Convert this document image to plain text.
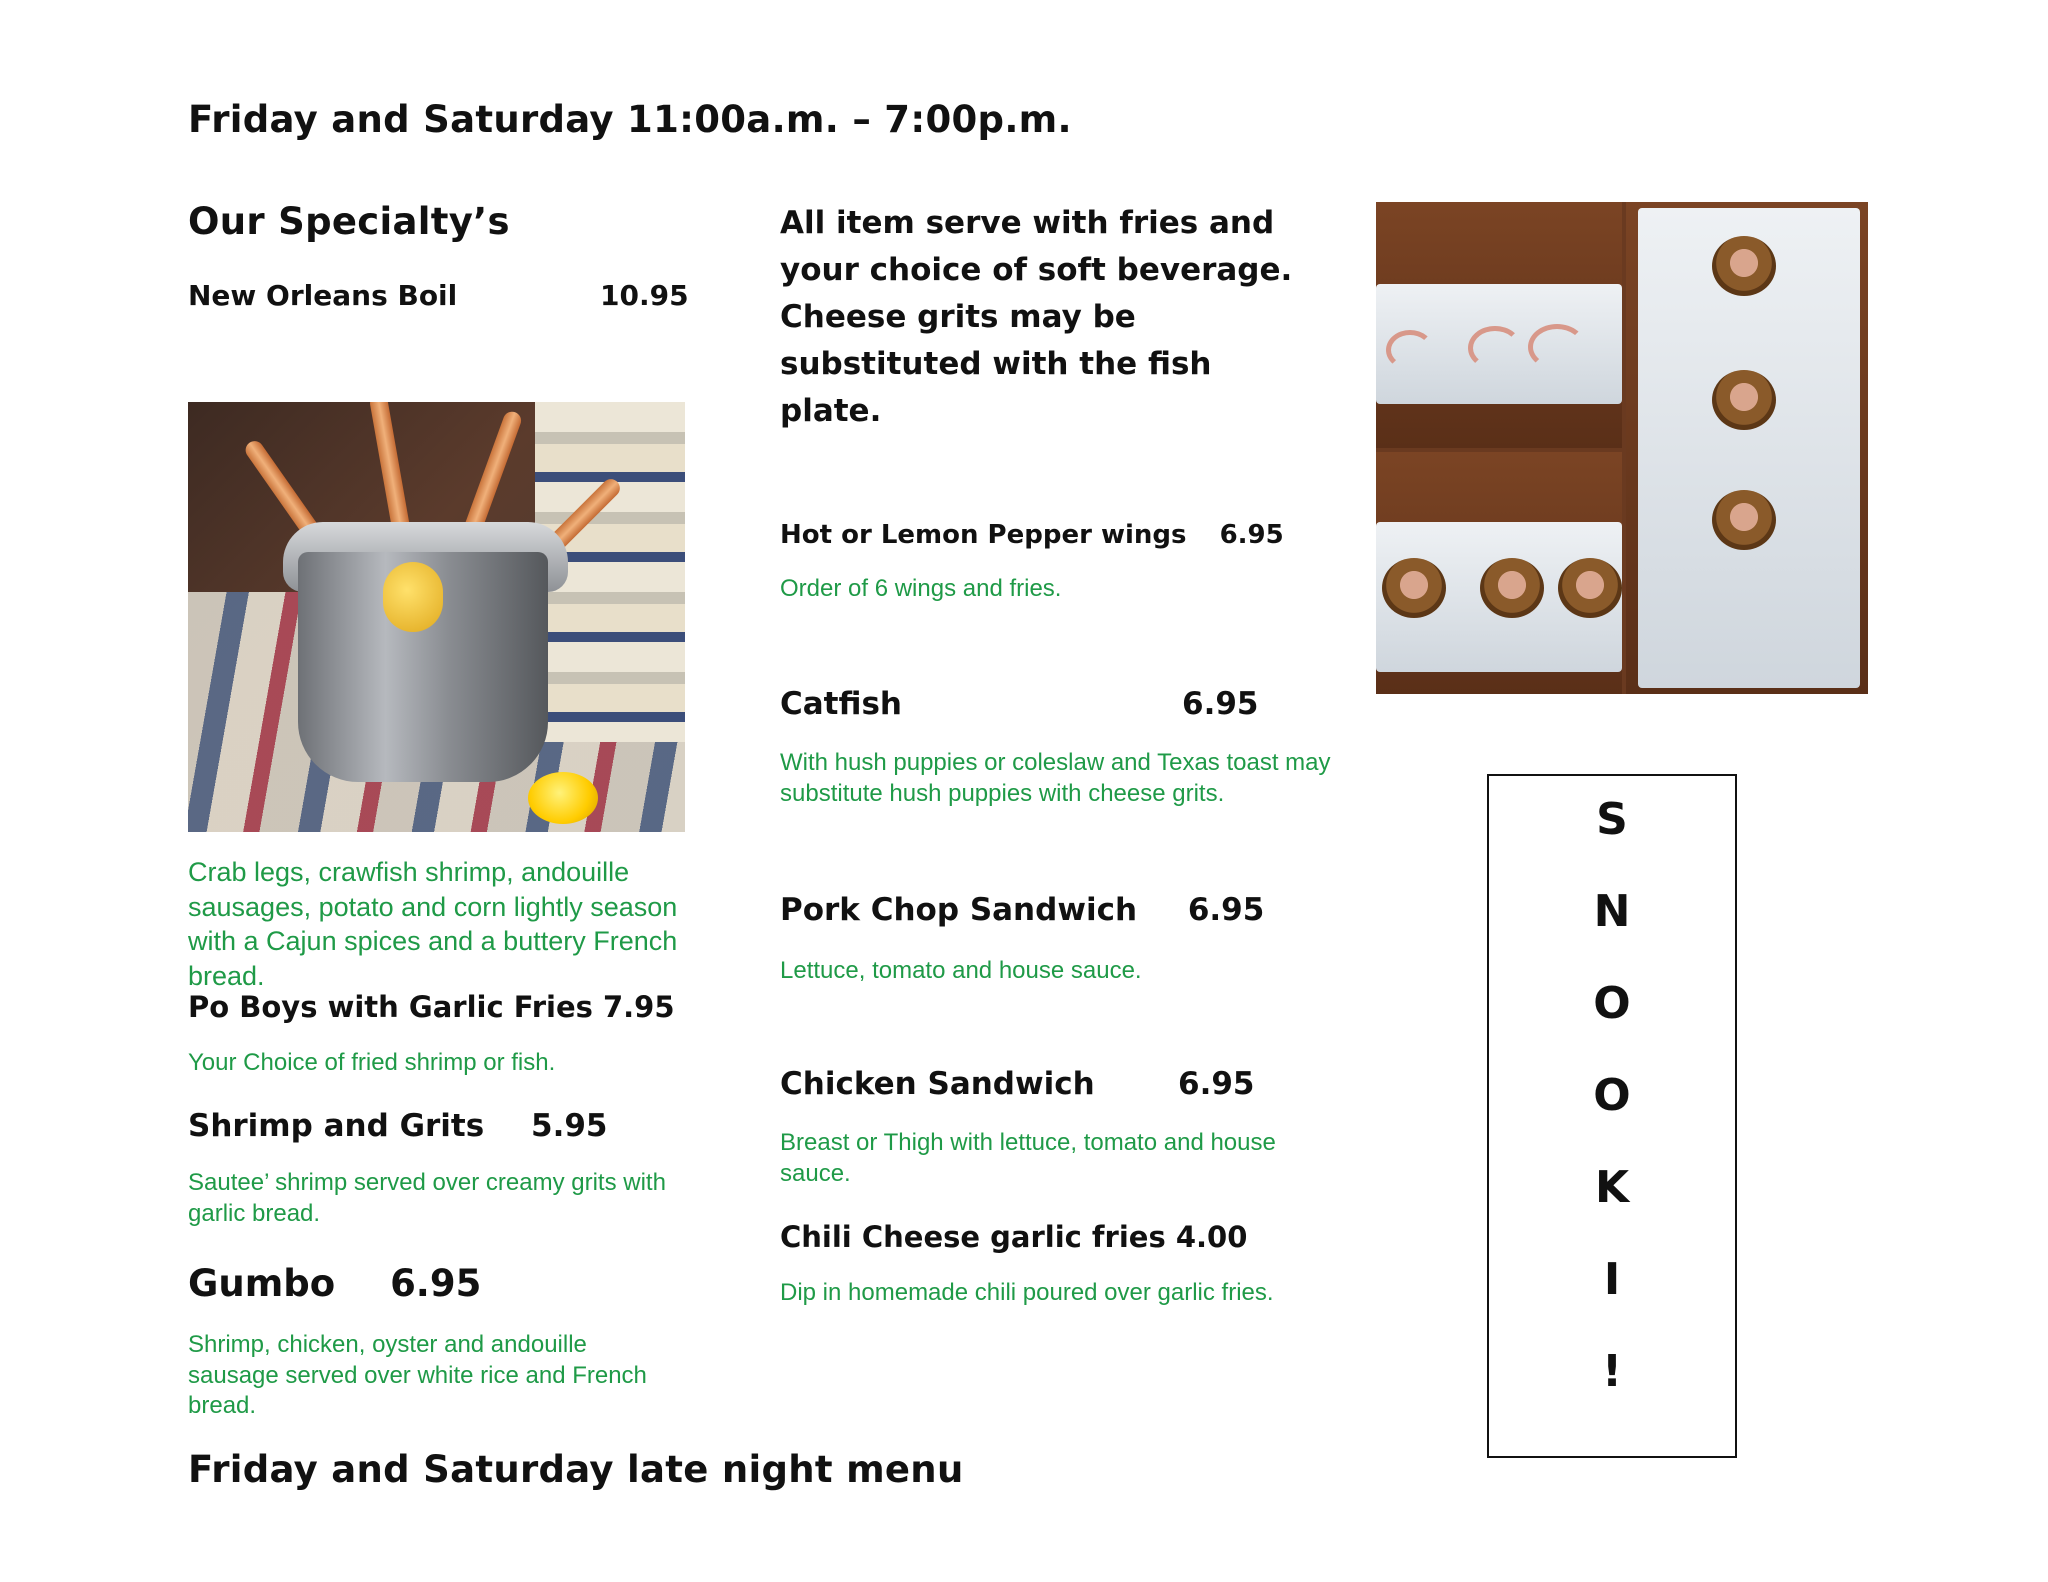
Friday and Saturday 11:00a.m. – 7:00p.m.
Our Specialty’s
New Orleans Boil	10.95
Crab legs, crawfish shrimp, andouille sausages, potato and corn lightly season with a Cajun spices and a buttery French bread.
Po Boys with Garlic Fries 7.95
Your Choice of fried shrimp or fish.
Shrimp and Grits 5.95
Sautee’ shrimp served over creamy grits with garlic bread.
Gumbo 6.95
Shrimp, chicken, oyster and andouille sausage served over white rice and French bread.
All item serve with fries and
your choice of soft beverage.
Cheese grits may be
substituted with the fish
plate.
Hot or Lemon Pepper wings 6.95
Order of 6 wings and fries.
Catfish	6.95
With hush puppies or coleslaw and Texas toast may
substitute hush puppies with cheese grits.
Pork Chop Sandwich 6.95
Lettuce, tomato and house sauce.
Chicken Sandwich	6.95
Breast or Thigh with lettuce, tomato and house
sauce.
Chili Cheese garlic fries 4.00
Dip in homemade chili poured over garlic fries.
S
N
O
O
K
I
!
Friday and Saturday late night menu
